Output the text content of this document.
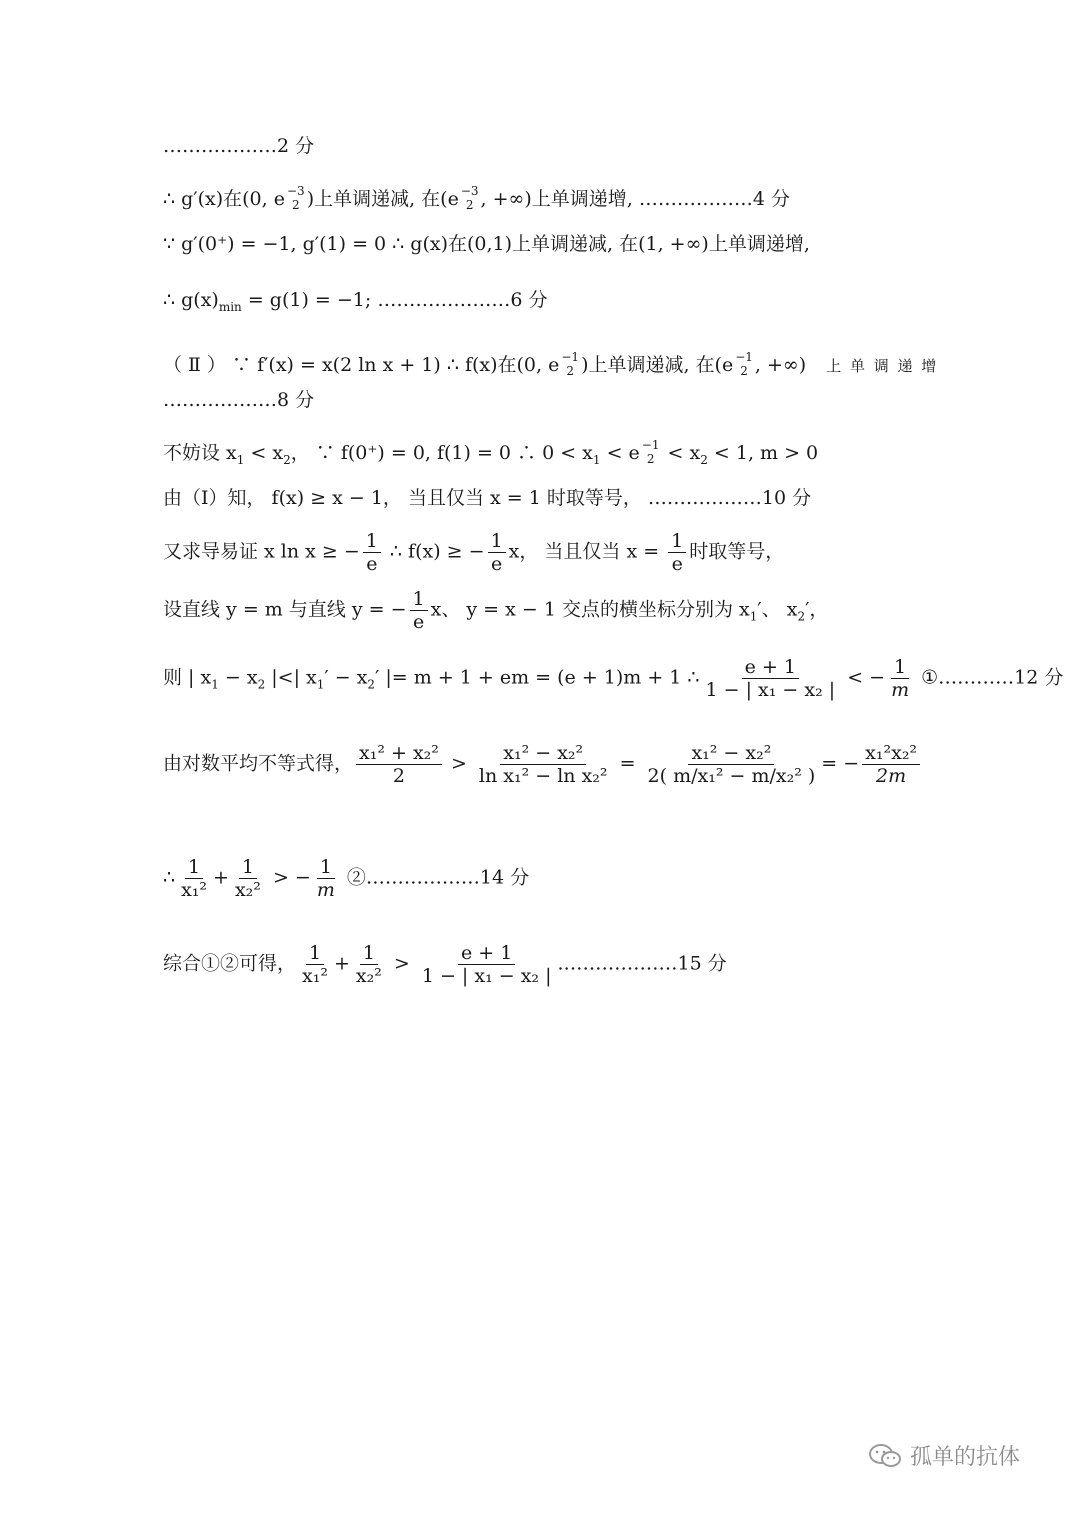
………………2 分
∴ g′(x)在(0, e −3
2 )上单调递减, 在(e −3
2 , +∞)上单调递增, ………………4 分
∵ g′(0⁺) = −1, g′(1) = 0 ∴ g(x)在(0,1)上单调递减, 在(1, +∞)上单调递增,
∴ $g(x)_{min} = g(1) = -1$; …………………6 分
（ Ⅱ ） ∵ f′(x) = x(2 ln x + 1) ∴ f(x)在(0, e −1
2 )上单调递减, 在(e −1
2 , +∞) 上 单 调 递 增
………………8 分
不妨设 $x_1 < x_2$， ∵ f(0⁺) = 0, f(1) = 0 ∴ $0 < x_1 < e -1$
$2 < x_2 < 1$, m > 0
由（Ⅰ）知， f(x) ≥ x − 1， 当且仅当 x = 1 时取等号， ………………10 分
又求导易证 x ln x ≥ − $\frac{1}{e}$ ∴ f(x) ≥ − $\frac{1}{e}$ x， 当且仅当 $x = \frac{1}{e}$ 时取等号，
设直线 y = m 与直线 y = − $\frac{1}{e}$ x、 y = x − 1 交点的横坐标分别为 $x_1'$、 $x_2'$，
则 | $x_1 - x_2$ |<| $x_1' - x_2'$ |= m + 1 + em = (e + 1)m + 1 ∴ $\frac{e + 1}{\text{1 − | x₁ − x₂ |}}$ < − $\frac{1}{m}$ ①…………12 分
由对数平均不等式得， $\frac{\text{x₁² + x₂²}}{2} > \frac{\text{x₁² − x₂²}}{\text{ln x₁² − ln x₂²}} = \frac{\text{x₁² − x₂²}}{\text{2( m/x₁² − m/x₂² )}}$ = − $\frac{\text{x₁²x₂²}}{2m}$
∴ $\frac{1}{\text{x₁²}} + \frac{1}{\text{x₂²}}$ > − $\frac{1}{m}$ ②………………14 分
综合①②可得， $\frac{1}{\text{x₁²}} + \frac{1}{\text{x₂²}} > \frac{e + 1}{\text{1 − | x₁ − x₂ |}}$ .………………15 分
孤单的抗体
